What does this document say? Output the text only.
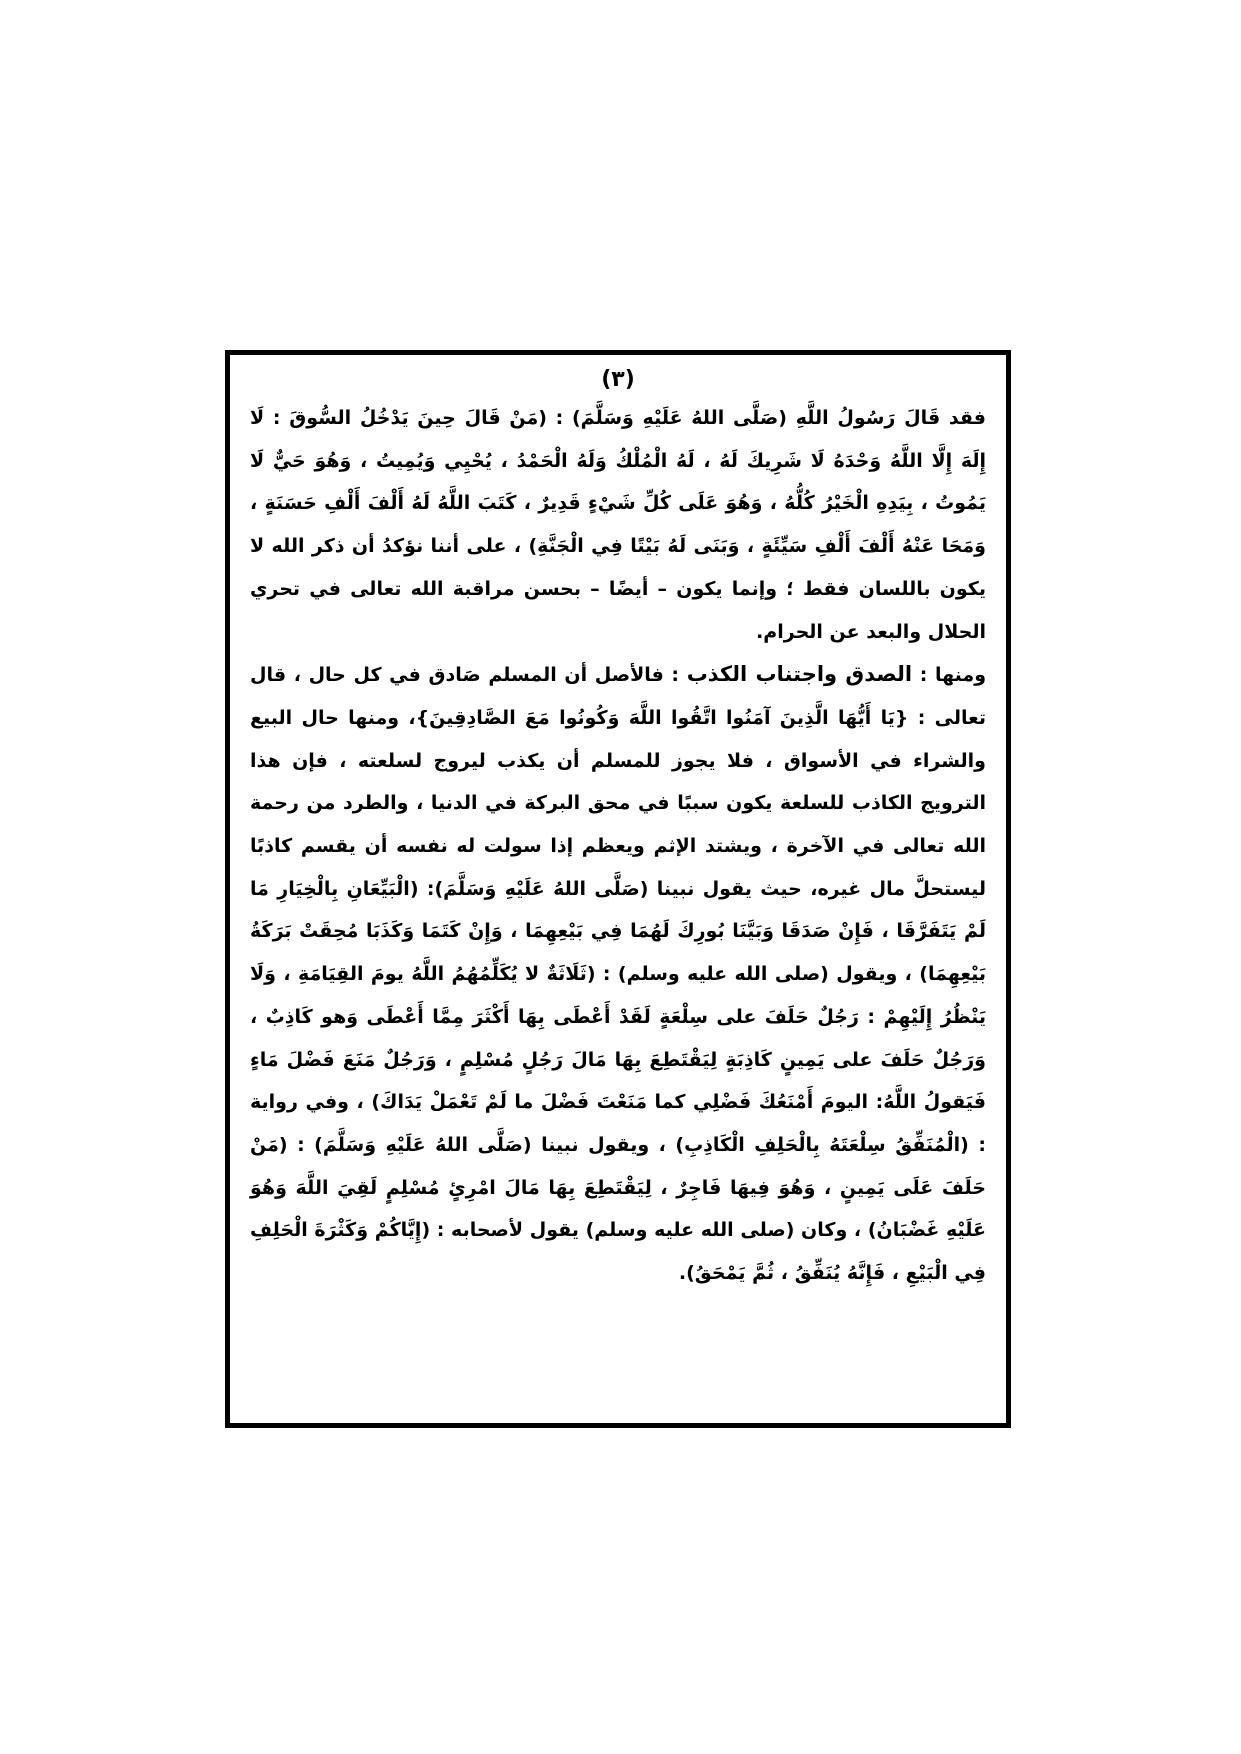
(٣)

فقد قَالَ رَسُولُ اللَّهِ (صَلَّى اللهُ عَلَيْهِ وَسَلَّمَ) : (مَنْ قَالَ حِينَ يَدْخُلُ السُّوقَ : لَا إِلَهَ إِلَّا اللَّهُ وَحْدَهُ لَا شَرِيكَ لَهُ ، لَهُ الْمُلْكُ وَلَهُ الْحَمْدُ ، يُحْيِي وَيُمِيتُ ، وَهُوَ حَيٌّ لَا يَمُوتُ ، بِيَدِهِ الْخَيْرُ كُلُّهُ ، وَهُوَ عَلَى كُلِّ شَيْءٍ قَدِيرٌ ، كَتَبَ اللَّهُ لَهُ أَلْفَ أَلْفِ حَسَنَةٍ ، وَمَحَا عَنْهُ أَلْفَ أَلْفِ سَيِّئَةٍ ، وَبَنَى لَهُ بَيْتًا فِي الْجَنَّةِ) ، على أننا نؤكدُ أن ذكر الله لا يكون باللسان فقط ؛ وإنما يكون – أيضًا – بحسن مراقبة الله تعالى في تحري الحلال والبعد عن الحرام.

ومنها : الصدق واجتناب الكذب : فالأصل أن المسلم صَادق في كل حال ، قال تعالى : {يَا أَيُّهَا الَّذِينَ آمَنُوا اتَّقُوا اللَّهَ وَكُونُوا مَعَ الصَّادِقِينَ}، ومنها حال البيع والشراء في الأسواق ، فلا يجوز للمسلم أن يكذب ليروج لسلعته ، فإن هذا الترويج الكاذب للسلعة يكون سببًا في محق البركة في الدنيا ، والطرد من رحمة الله تعالى في الآخرة ، ويشتد الإثم ويعظم إذا سولت له نفسه أن يقسم كاذبًا ليستحلَّ مال غيره، حيث يقول نبينا (صَلَّى اللهُ عَلَيْهِ وَسَلَّمَ): (الْبَيِّعَانِ بِالْخِيَارِ مَا لَمْ يَتَفَرَّقَا ، فَإِنْ صَدَقَا وَبَيَّنَا بُورِكَ لَهُمَا فِي بَيْعِهِمَا ، وَإِنْ كَتَمَا وَكَذَبَا مُحِقَتْ بَرَكَةُ بَيْعِهِمَا) ، ويقول (صلى الله عليه وسلم) : (ثَلَاثَةٌ لا يُكَلِّمُهُمُ اللَّهُ يومَ القِيَامَةِ ، وَلَا يَنْظُرُ إِلَيْهِمْ : رَجُلٌ حَلَفَ على سِلْعَةٍ لَقَدْ أَعْطَى بِهَا أَكْثَرَ مِمَّا أَعْطَى وَهو كَاذِبٌ ، وَرَجُلٌ حَلَفَ على يَمِينٍ كَاذِبَةٍ لِيَقْتَطِعَ بِهَا مَالَ رَجُلٍ مُسْلِمٍ ، وَرَجُلٌ مَنَعَ فَضْلَ مَاءٍ فَيَقولُ اللَّهُ: اليومَ أَمْنَعُكَ فَضْلِي كما مَنَعْتَ فَضْلَ ما لَمْ تَعْمَلْ يَدَاكَ) ، وفي رواية : (الْمُنَفِّقُ سِلْعَتَهُ بِالْحَلِفِ الْكَاذِبِ) ، ويقول نبينا (صَلَّى اللهُ عَلَيْهِ وَسَلَّمَ) : (مَنْ حَلَفَ عَلَى يَمِينٍ ، وَهُوَ فِيهَا فَاجِرٌ ، لِيَقْتَطِعَ بِهَا مَالَ امْرِئٍ مُسْلِمٍ لَقِيَ اللَّهَ وَهُوَ عَلَيْهِ غَضْبَانُ) ، وكان (صلى الله عليه وسلم) يقول لأصحابه : (إِيَّاكُمْ وَكَثْرَةَ الْحَلِفِ فِي الْبَيْعِ ، فَإِنَّهُ يُنَفِّقُ ، ثُمَّ يَمْحَقُ).
